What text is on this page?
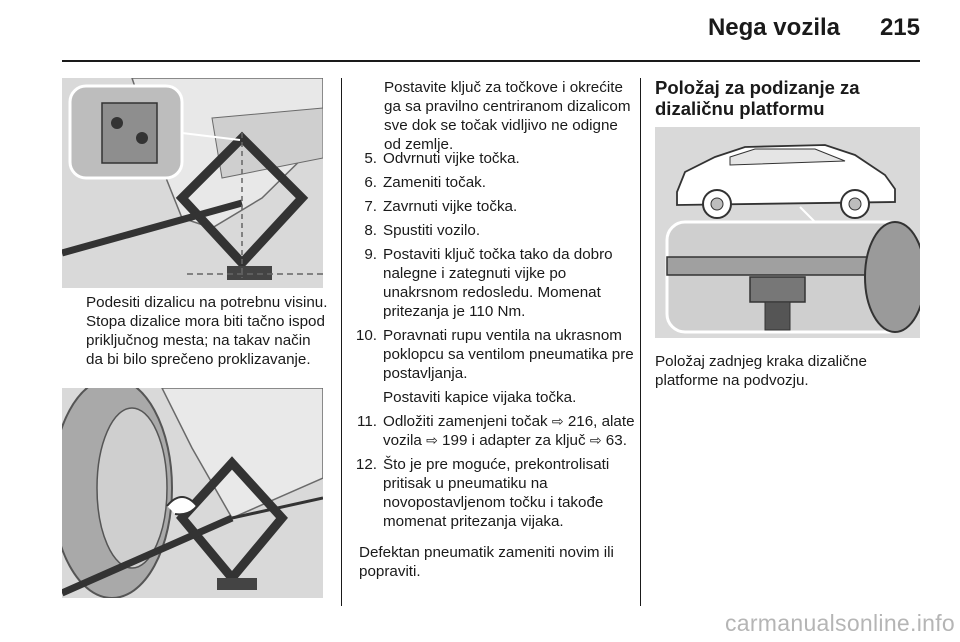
Nega vozila	215

Podesiti dizalicu na potrebnu visinu. Stopa dizalice mora biti tačno ispod priključnog mesta; na takav način da bi bilo sprečeno proklizavanje.

Postavite ključ za točkove i okrećite ga sa pravilno centriranom dizalicom sve dok se točak vidljivo ne odigne od zemlje.

5. Odvrnuti vijke točka.
6. Zameniti točak.
7. Zavrnuti vijke točka.
8. Spustiti vozilo.
9. Postaviti ključ točka tako da dobro nalegne i zategnuti vijke po unakrsnom redosledu. Momenat pritezanja je 110 Nm.
10. Poravnati rupu ventila na ukrasnom poklopcu sa ventilom pneumatika pre postavljanja.
Postaviti kapice vijaka točka.
11. Odložiti zamenjeni točak ⇨ 216, alate vozila ⇨ 199 i adapter za ključ ⇨ 63.
12. Što je pre moguće, prekontrolisati pritisak u pneumatiku na novopostavljenom točku i takođe momenat pritezanja vijaka.

Defektan pneumatik zameniti novim ili popraviti.

Položaj za podizanje za dizaličnu platformu

Položaj zadnjeg kraka dizalične platforme na podvozju.

carmanualsonline.info
